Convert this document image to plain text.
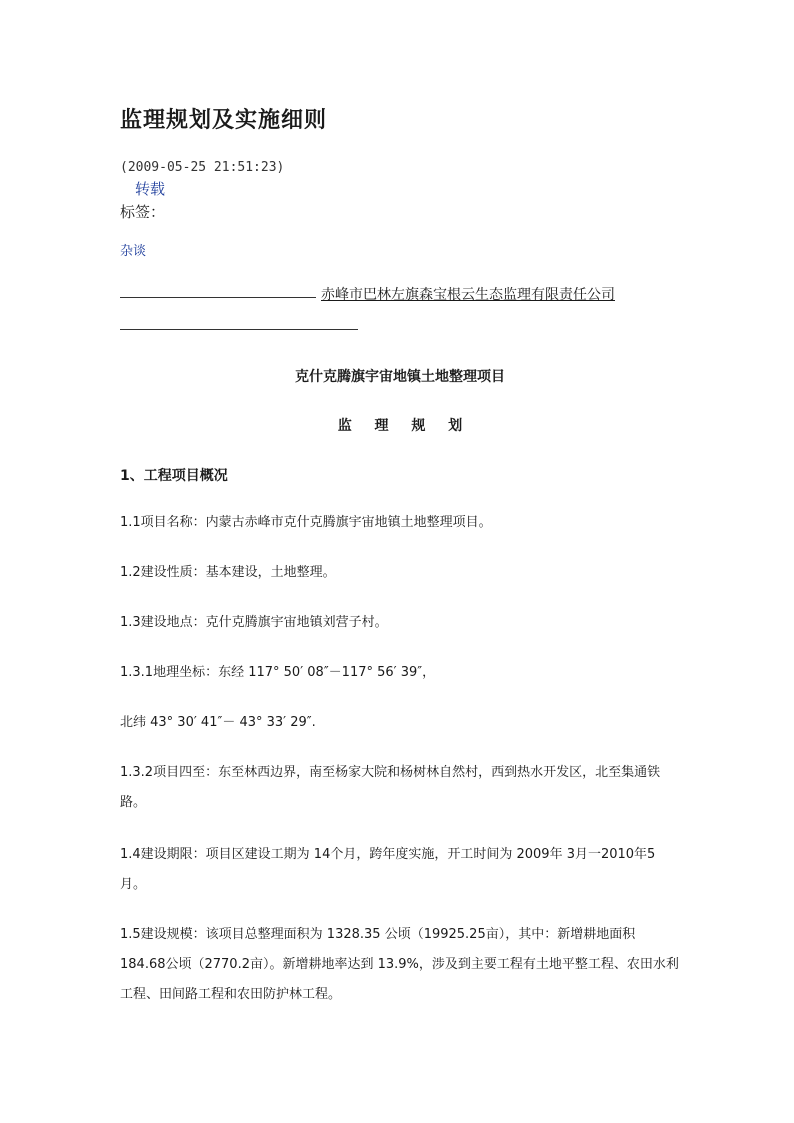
监理规划及实施细则
(2009-05-25 21:51:23)
转载
标签：
杂谈
赤峰市巴林左旗森宝根云生态监理有限责任公司
克什克腾旗宇宙地镇土地整理项目
监 理 规 划
1、工程项目概况
1.1项目名称：内蒙古赤峰市克什克腾旗宇宙地镇土地整理项目。
1.2建设性质：基本建设，土地整理。
1.3建设地点：克什克腾旗宇宙地镇刘营子村。
1.3.1地理坐标：东经 117° 50′ 08″－117° 56′ 39″，
北纬 43° 30′ 41″－ 43° 33′ 29″.
1.3.2项目四至：东至林西边界，南至杨家大院和杨树林自然村，西到热水开发区，北至集通铁路。
1.4建设期限：项目区建设工期为 14个月，跨年度实施，开工时间为 2009年 3月一2010年5月。
1.5建设规模：该项目总整理面积为 1328.35 公顷（19925.25亩），其中：新增耕地面积 184.68公顷（2770.2亩）。新增耕地率达到 13.9%，涉及到主要工程有土地平整工程、农田水利工程、田间路工程和农田防护林工程。
